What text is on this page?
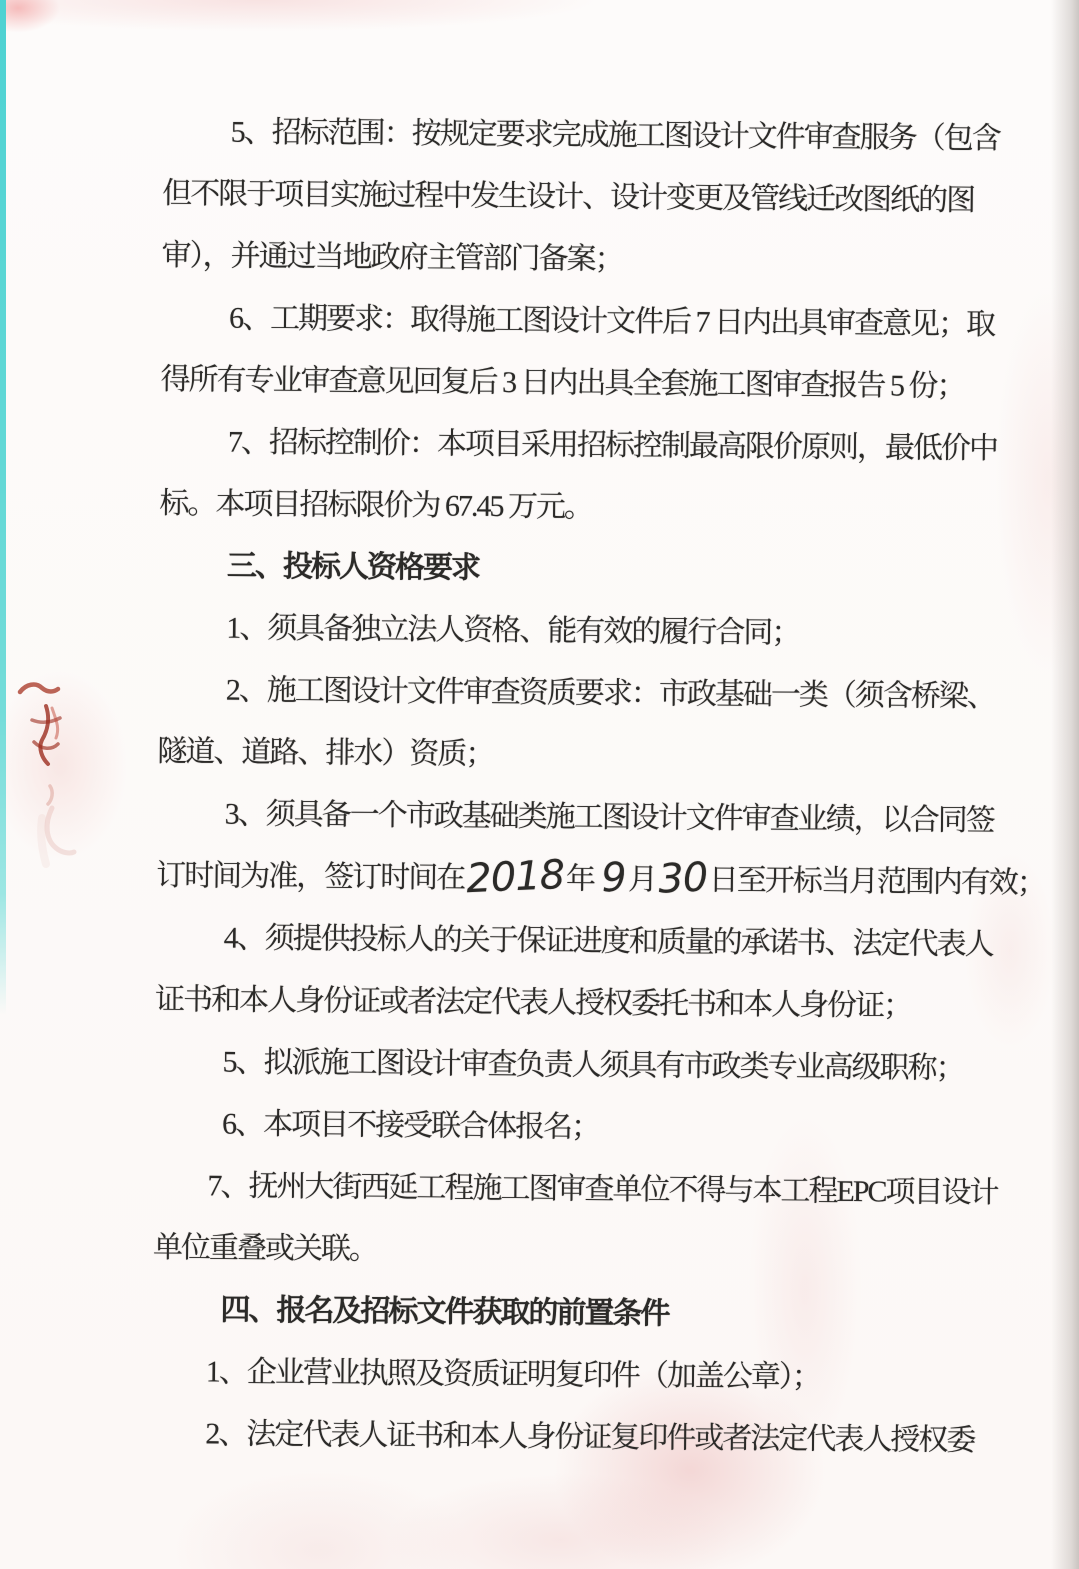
5、招标范围：按规定要求完成施工图设计文件审查服务（包含
但不限于项目实施过程中发生设计、设计变更及管线迁改图纸的图
审），并通过当地政府主管部门备案；
6、工期要求：取得施工图设计文件后 7 日内出具审查意见；取
得所有专业审查意见回复后 3 日内出具全套施工图审查报告 5 份；
7、招标控制价：本项目采用招标控制最高限价原则，最低价中
标。本项目招标限价为 67.45 万元。
三、投标人资格要求
1、须具备独立法人资格、能有效的履行合同；
2、施工图设计文件审查资质要求：市政基础一类（须含桥梁、
隧道、道路、排水）资质；
3、须具备一个市政基础类施工图设计文件审查业绩，以合同签
订时间为准，签订时间在 2018 年 9 月 30 日至开标当月范围内有效；
4、须提供投标人的关于保证进度和质量的承诺书、法定代表人
证书和本人身份证或者法定代表人授权委托书和本人身份证；
5、拟派施工图设计审查负责人须具有市政类专业高级职称；
6、本项目不接受联合体报名；
7、抚州大街西延工程施工图审查单位不得与本工程EPC项目设计
单位重叠或关联。
四、报名及招标文件获取的前置条件
1、企业营业执照及资质证明复印件（加盖公章）；
2、法定代表人证书和本人身份证复印件或者法定代表人授权委
